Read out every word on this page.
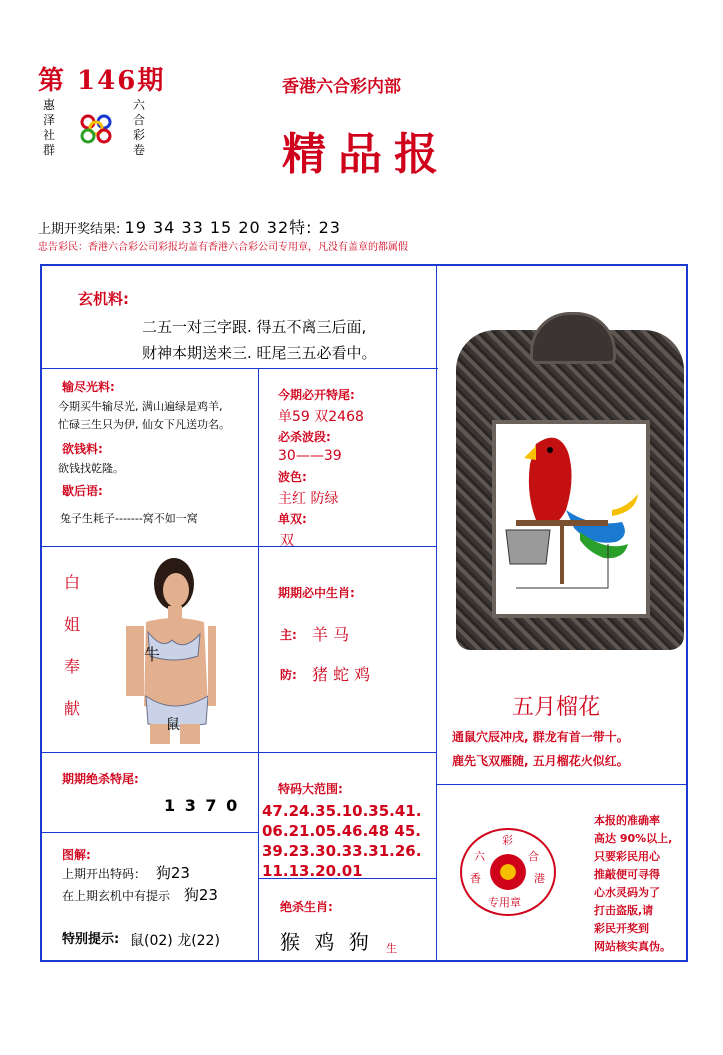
第 146期
惠
泽
社
群
六
合
彩
卷
香港六合彩内部
精品报
上期开奖结果: 19 34 33 15 20 32特: 23
忠告彩民：香港六合彩公司彩报均盖有香港六合彩公司专用章，凡没有盖章的都属假
玄机料:
二五一对三字跟. 得五不离三后面,
财神本期送来三. 旺尾三五必看中。
输尽光料:
今期买牛输尽光, 满山遍绿是鸡羊,
忙碌三生只为伊, 仙女下凡送功名。
欲钱料:
欲钱找乾隆。
歇后语:
兔子生耗子-------窝不如一窝
今期必开特尾:
单59 双2468
必杀波段:
30——39
波色:
主红 防绿
单双:
双
白
姐
奉
献
牛
鼠
期期必中生肖:
主: 羊 马
防: 猪 蛇 鸡
五月榴花
通鼠穴辰冲戌, 群龙有首一带十。
鹿先飞双雁随, 五月榴花火似红。
期期绝杀特尾:
1 3 7 0
特码大范围:
47.24.35.10.35.41.
06.21.05.46.48 45.
39.23.30.33.31.26.
11.13.20.01
图解:
上期开出特码： 狗23
在上期玄机中有提示 狗23
特别提示: 鼠(02) 龙(22)
绝杀生肖:
猴 鸡 狗 生
彩
六	合
香	港
专用章
本报的准确率
高达 90%以上,
只要彩民用心
推敲便可寻得
心水灵码为了
打击盗版,请
彩民开奖到
网站核实真伪。
